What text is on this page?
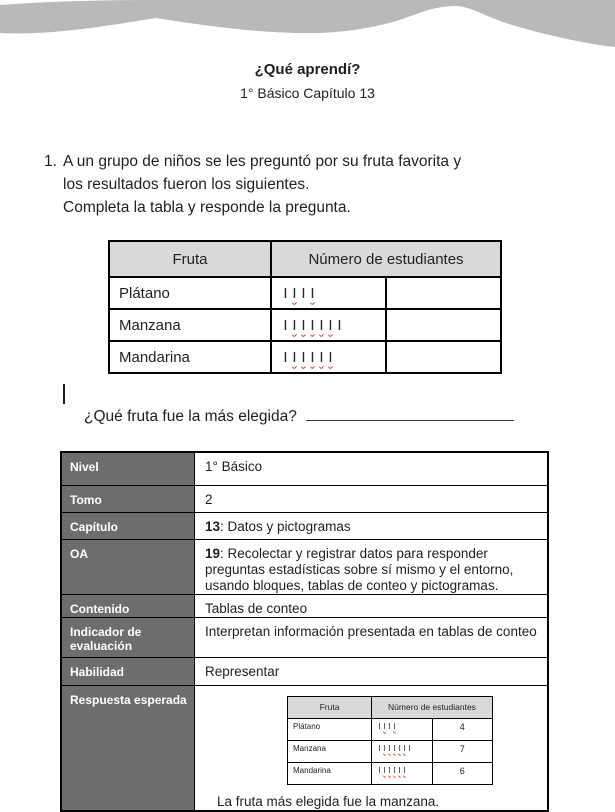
¿Qué aprendí?
1° Básico Capítulo 13
1. A un grupo de niños se les preguntó por su fruta favorita y
los resultados fueron los siguientes.
Completa la tabla y responde la pregunta.
Fruta	Número de estudiantes	
Plátano	I I I I	
Manzana	I I I I I I I	
Mandarina	I I I I I I	
¿Qué fruta fue la más elegida?
Nivel	1° Básico
Tomo	2
Capítulo	13: Datos y pictogramas
OA	19: Recolectar y registrar datos para responder preguntas estadísticas sobre sí mismo y el entorno, usando bloques, tablas de conteo y pictogramas.
Contenido	Tablas de conteo
Indicador de evaluación	Interpretan información presentada en tablas de conteo
Habilidad	Representar
Respuesta esperada	
Fruta	Número de estudiantes
Plátano	I I I I	4
Manzana	I I I I I I I	7
Mandarina	I I I I I I	6
La fruta más elegida fue la manzana.
